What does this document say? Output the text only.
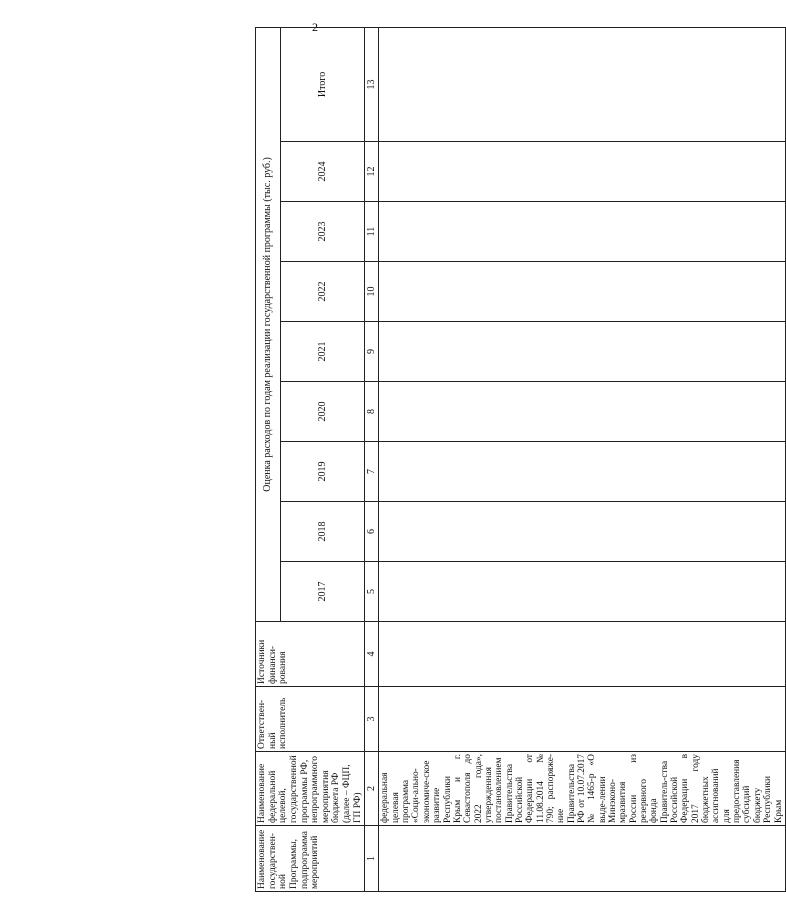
2
Наименование государствен-ной Программы, подпрограмма мероприятий	Наименование федеральной целевой, государственной программы РФ, непрограммного мероприятия бюджета РФ (далее – ФЦП, ГП РФ)	Ответствен-ный исполнитель	Источники финанси-рования	Оценка расходов по годам реализации государственной программы (тыс. руб.)								
				2017	2018	2019	2020	2021	2022	2023	2024	Итого
1	2	3	4	5	6	7	8	9	10	11	12	13
	федеральная целевая программа «Соци-ально-экономиче-ское развитие Республики Крым и г. Севастополя до 2022 года», утвержденная постановлением Правительства Российской Федерации от 11.08.2014 № 790; распоряже-ние Правительства РФ от 10.07.2017 № 1465-р «О выде-лении Минэконо-мразвития России из резервного фонда Правитель-ства Российской Федерации в 2017 году бюджетных ассигнований для предоставления субсидий бюджету Республики Крым											
